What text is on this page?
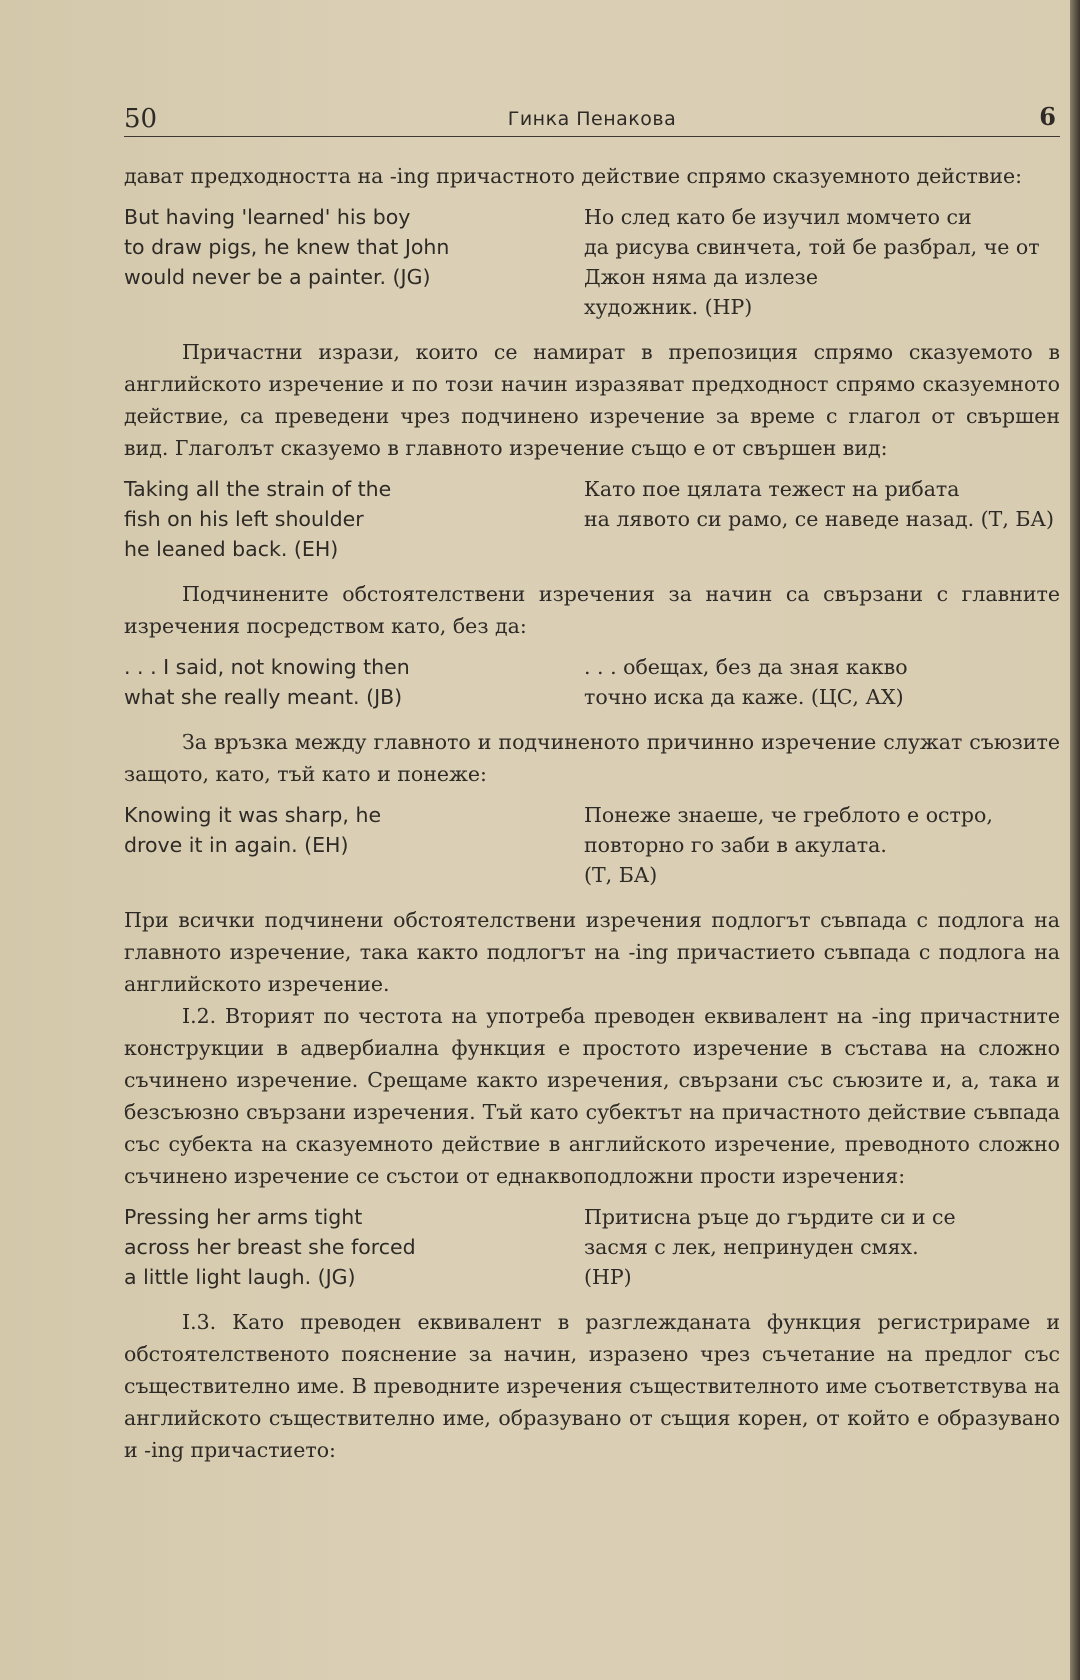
50	Гинка Пенакова	6

дават предходността на -ing причастното действие спрямо сказуемното действие:

But having 'learned' his boy
to draw pigs, he knew that John
would never be a painter. (JG)
Но след като бе изучил момчето си
да рисува свинчета, той бе разбрал, че от Джон няма да излезе
художник. (НР)

Причастни изрази, които се намират в препозиция спрямо сказуемото в английското изречение и по този начин изразяват предходност спрямо сказуемното действие, са преведени чрез подчинено изречение за време с глагол от свършен вид. Глаголът сказуемо в главното изречение също е от свършен вид:

Taking all the strain of the
fish on his left shoulder
he leaned back. (EH)
Като пое цялата тежест на рибата
на лявото си рамо, се наведе назад. (Т, БА)

Подчинените обстоятелствени изречения за начин са свързани с главните изречения посредством като, без да:

. . . I said, not knowing then
what she really meant. (JB)
. . . обещах, без да зная какво
точно иска да каже. (ЦС, АХ)

За връзка между главното и подчиненото причинно изречение служат съюзите защото, като, тъй като и понеже:

Knowing it was sharp, he
drove it in again. (EH)
Понеже знаеше, че греблото е остро, повторно го заби в акулата.
(Т, БА)

При всички подчинени обстоятелствени изречения подлогът съвпада с подлога на главното изречение, така както подлогът на -ing причастието съвпада с подлога на английското изречение.

I.2. Вторият по честота на употреба преводен еквивалент на -ing причастните конструкции в адвербиална функция е простото изречение в състава на сложно съчинено изречение. Срещаме както изречения, свързани със съюзите и, а, така и безсъюзно свързани изречения. Тъй като субектът на причастното действие съвпада със субекта на сказуемното действие в английското изречение, преводното сложно съчинено изречение се състои от еднаквоподложни прости изречения:

Pressing her arms tight
across her breast she forced
a little light laugh. (JG)
Притисна ръце до гърдите си и се
засмя с лек, непринуден смях.
(НР)

I.3. Като преводен еквивалент в разглежданата функция регистрираме и обстоятелственото пояснение за начин, изразено чрез съчетание на предлог със съществително име. В преводните изречения съществителното име съответствува на английското съществително име, образувано от същия корен, от който е образувано и -ing причастието:
